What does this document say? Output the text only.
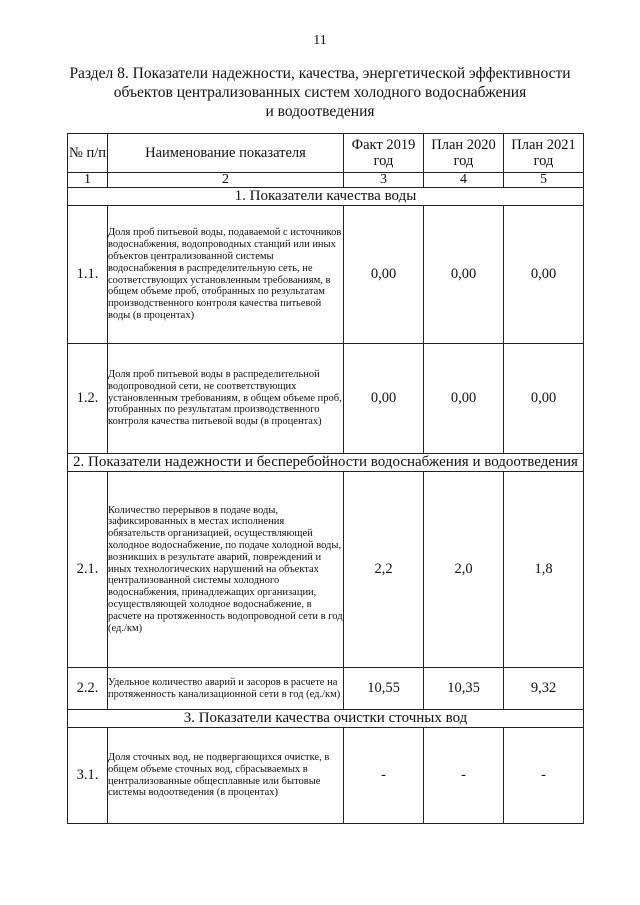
11
Раздел 8. Показатели надежности, качества, энергетической эффективности
объектов централизованных систем холодного водоснабжения
и водоотведения
№ п/п	Наименование показателя	Факт 2019 год	План 2020 год	План 2021 год
1	2	3	4	5
1. Показатели качества воды				
1.1.	Доля проб питьевой воды, подаваемой с источников водоснабжения, водопроводных станций или иных объектов централизованной системы водоснабжения в распределительную сеть, не соответствующих установленным требованиям, в общем объеме проб, отобранных по результатам производственного контроля качества питьевой воды (в процентах)	0,00	0,00	0,00
1.2.	Доля проб питьевой воды в распределительной водопроводной сети, не соответствующих установленным требованиям, в общем объеме проб, отобранных по результатам производственного контроля качества питьевой воды (в процентах)	0,00	0,00	0,00
2. Показатели надежности и бесперебойности водоснабжения и водоотведения				
2.1.	Количество перерывов в подаче воды, зафиксированных в местах исполнения обязательств организацией, осуществляющей холодное водоснабжение, по подаче холодной воды, возникших в результате аварий, повреждений и иных технологических нарушений на объектах централизованной системы холодного водоснабжения, принадлежащих организации, осуществляющей холодное водоснабжение, в расчете на протяженность водопроводной сети в год (ед./км)	2,2	2,0	1,8
2.2.	Удельное количество аварий и засоров в расчете на протяженность канализационной сети в год (ед./км)	10,55	10,35	9,32
3. Показатели качества очистки сточных вод				
3.1.	Доля сточных вод, не подвергающихся очистке, в общем объеме сточных вод, сбрасываемых в централизованные общесплавные или бытовые системы водоотведения (в процентах)	-	-	-
